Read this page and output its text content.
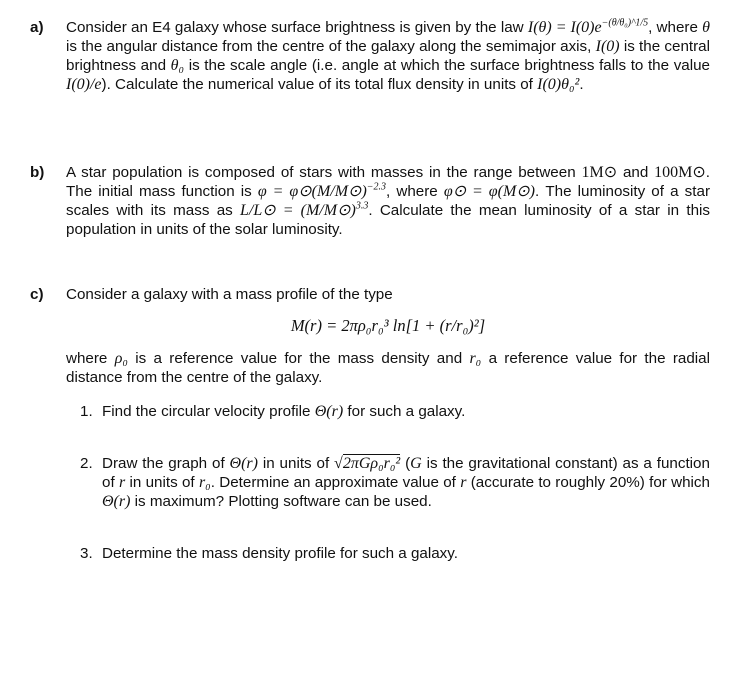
a) Consider an E4 galaxy whose surface brightness is given by the law $I(\theta) = I(0)e^{-(\theta/\theta_0)\^{}1/5}$, where θ is the angular distance from the centre of the galaxy along the semimajor axis, I(0) is the central brightness and θ₀ is the scale angle (i.e. angle at which the surface brightness falls to the value I(0)/e). Calculate the numerical value of its total flux density in units of I(0)θ₀².
b) A star population is composed of stars with masses in the range between 1M⊙ and 100M⊙. The initial mass function is φ = φ⊙(M/M⊙)$^{-2.3}$, where φ⊙ = φ(M⊙). The luminosity of a star scales with its mass as L/L⊙ = (M/M⊙)$^{3.3}$. Calculate the mean luminosity of a star in this population in units of the solar luminosity.
c) Consider a galaxy with a mass profile of the type
M(r) = 2πρ₀r₀³ ln[1 + (r/r₀)²]
where ρ₀ is a reference value for the mass density and r₀ a reference value for the radial distance from the centre of the galaxy.
1. Find the circular velocity profile Θ(r) for such a galaxy.
2. Draw the graph of Θ(r) in units of √2πGρ₀r₀² (G is the gravitational constant) as a function of r in units of r₀. Determine an approximate value of r (accurate to roughly 20%) for which Θ(r) is maximum? Plotting software can be used.
3. Determine the mass density profile for such a galaxy.
